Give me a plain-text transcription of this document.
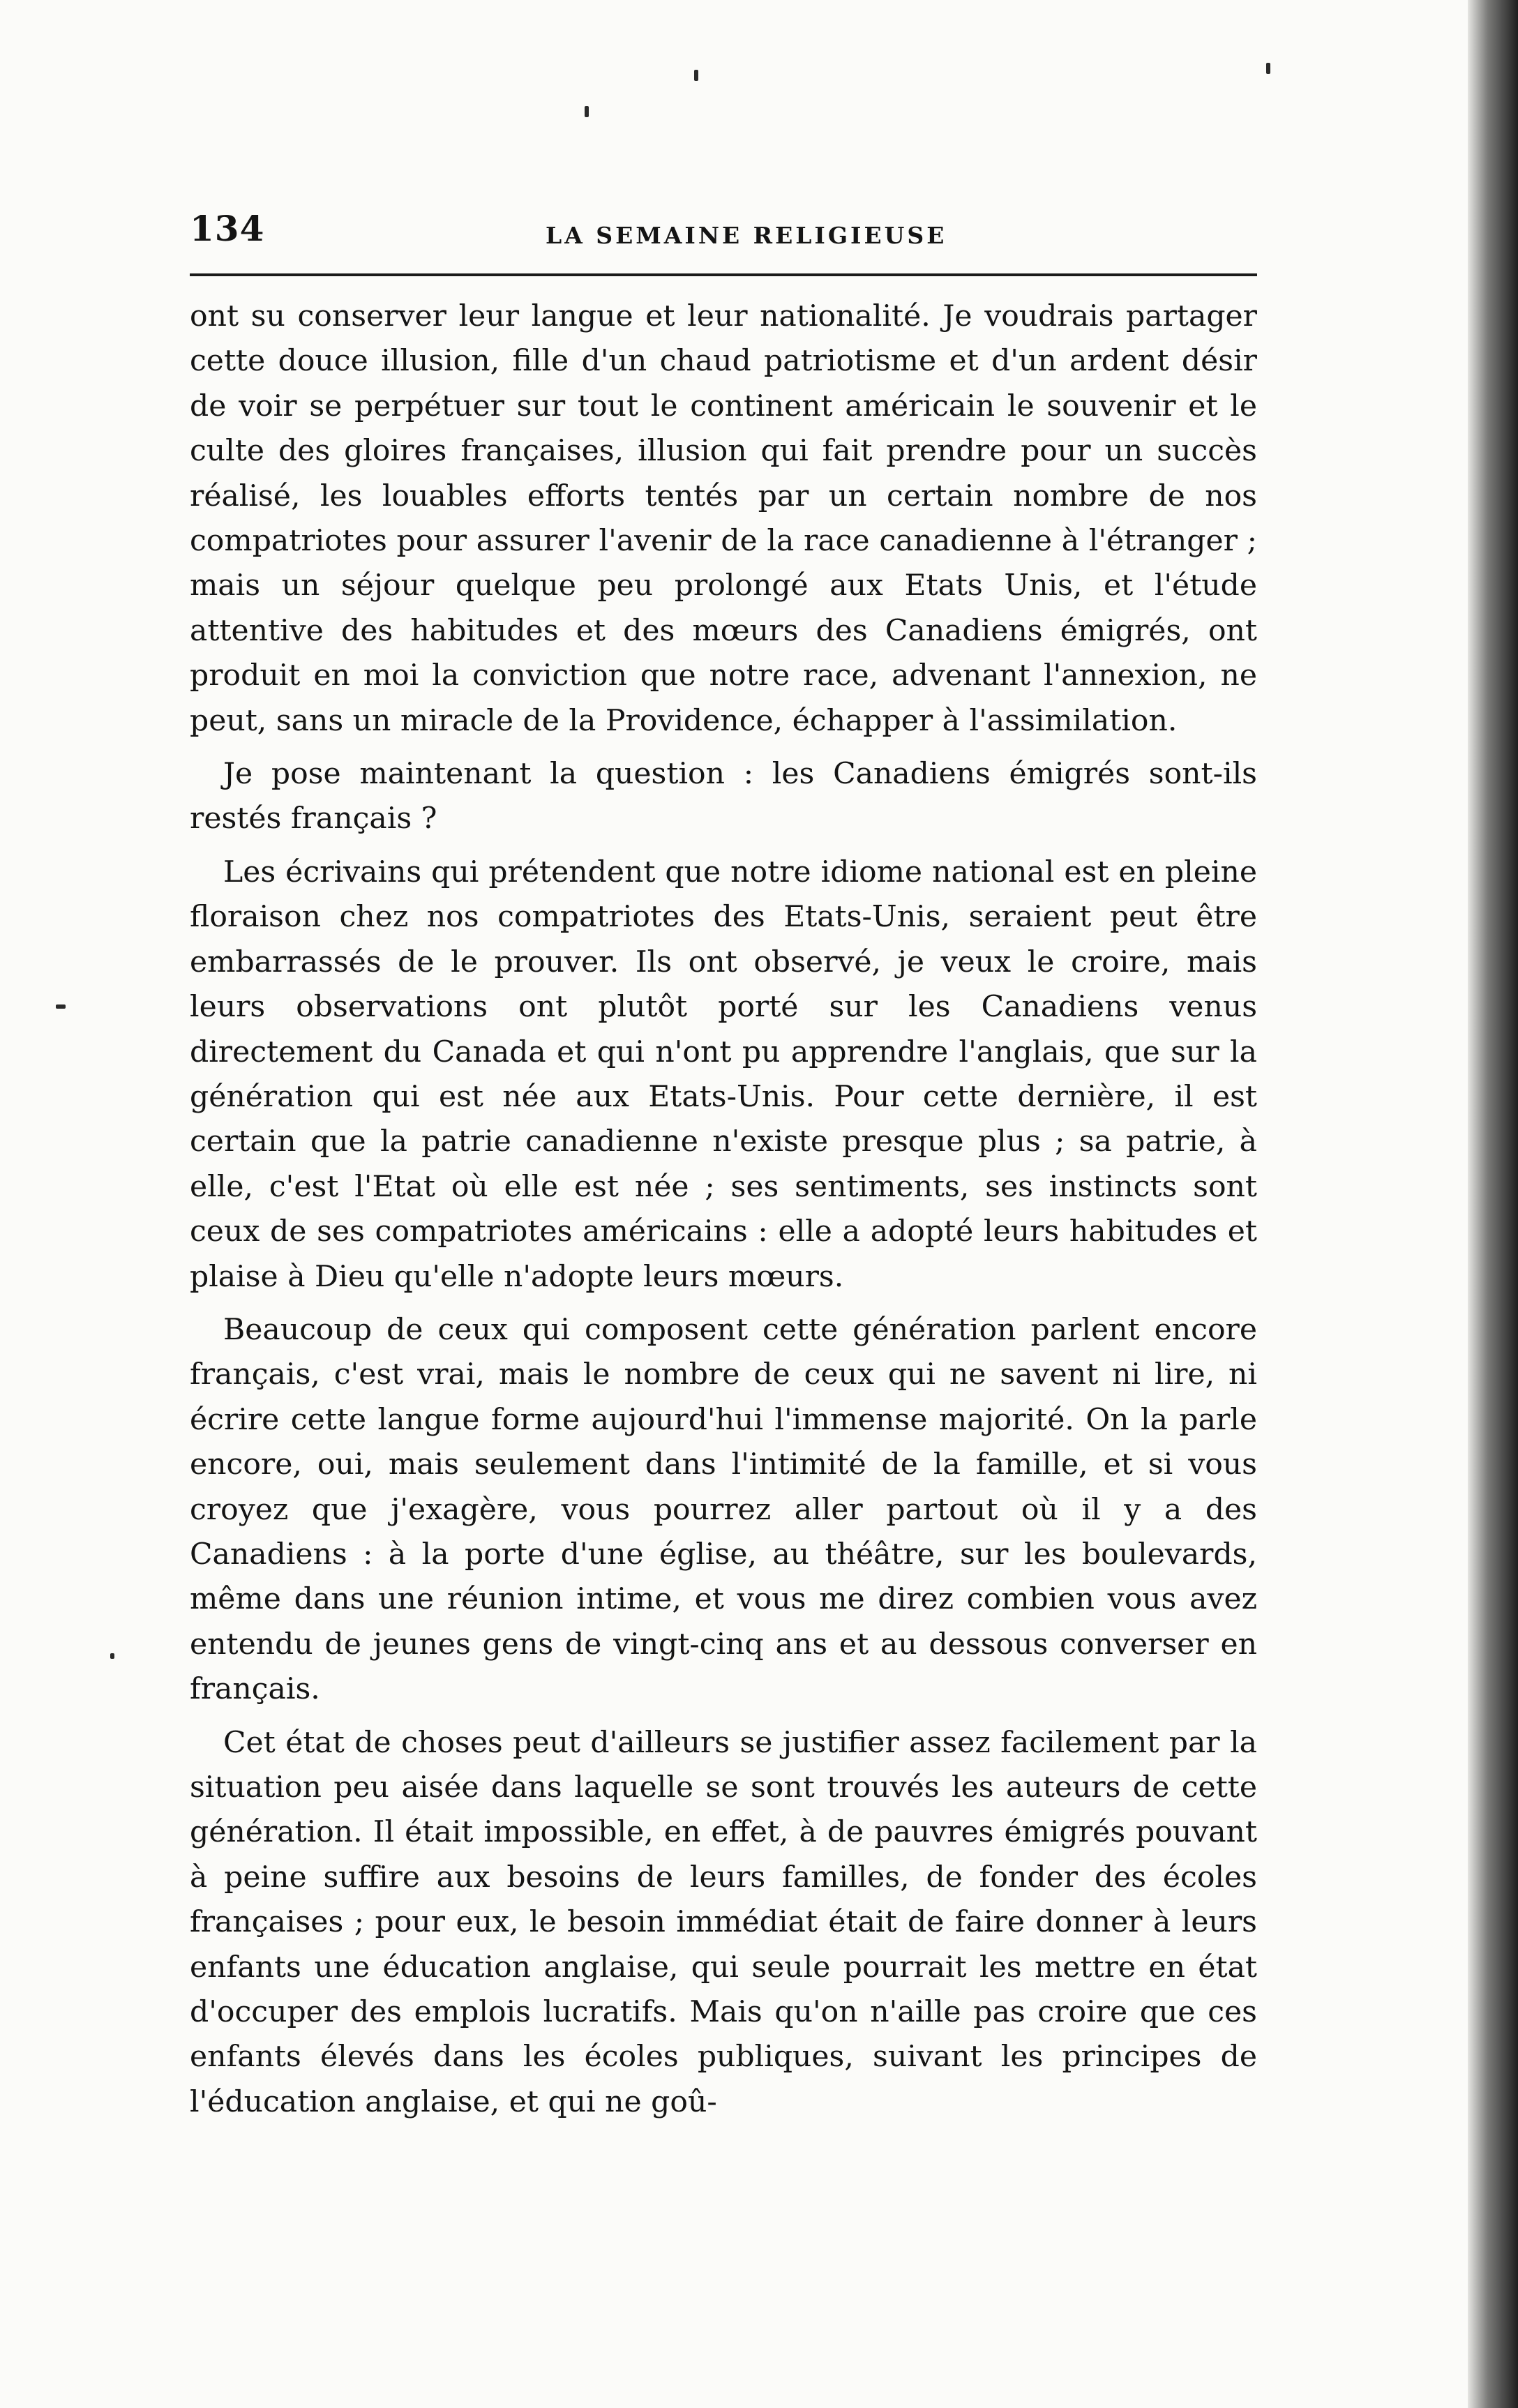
134	LA SEMAINE RELIGIEUSE

ont su conserver leur langue et leur nationalité. Je voudrais partager cette douce illusion, fille d'un chaud patriotisme et d'un ardent désir de voir se perpétuer sur tout le continent américain le souvenir et le culte des gloires françaises, illusion qui fait prendre pour un succès réalisé, les louables efforts tentés par un certain nombre de nos compatriotes pour assurer l'avenir de la race canadienne à l'étranger ; mais un séjour quelque peu prolongé aux Etats Unis, et l'étude attentive des habitudes et des mœurs des Canadiens émigrés, ont produit en moi la conviction que notre race, advenant l'annexion, ne peut, sans un miracle de la Providence, échapper à l'assimilation.

Je pose maintenant la question : les Canadiens émigrés sont-ils restés français ?

Les écrivains qui prétendent que notre idiome national est en pleine floraison chez nos compatriotes des Etats-Unis, seraient peut être embarrassés de le prouver. Ils ont observé, je veux le croire, mais leurs observations ont plutôt porté sur les Canadiens venus directement du Canada et qui n'ont pu apprendre l'anglais, que sur la génération qui est née aux Etats-Unis. Pour cette dernière, il est certain que la patrie canadienne n'existe presque plus ; sa patrie, à elle, c'est l'Etat où elle est née ; ses sentiments, ses instincts sont ceux de ses compatriotes américains : elle a adopté leurs habitudes et plaise à Dieu qu'elle n'adopte leurs mœurs.

Beaucoup de ceux qui composent cette génération parlent encore français, c'est vrai, mais le nombre de ceux qui ne savent ni lire, ni écrire cette langue forme aujourd'hui l'immense majorité. On la parle encore, oui, mais seulement dans l'intimité de la famille, et si vous croyez que j'exagère, vous pourrez aller partout où il y a des Canadiens : à la porte d'une église, au théâtre, sur les boulevards, même dans une réunion intime, et vous me direz combien vous avez entendu de jeunes gens de vingt-cinq ans et au dessous converser en français.

Cet état de choses peut d'ailleurs se justifier assez facilement par la situation peu aisée dans laquelle se sont trouvés les auteurs de cette génération. Il était impossible, en effet, à de pauvres émigrés pouvant à peine suffire aux besoins de leurs familles, de fonder des écoles françaises ; pour eux, le besoin immédiat était de faire donner à leurs enfants une éducation anglaise, qui seule pourrait les mettre en état d'occuper des emplois lucratifs. Mais qu'on n'aille pas croire que ces enfants élevés dans les écoles publiques, suivant les principes de l'éducation anglaise, et qui ne goû-
